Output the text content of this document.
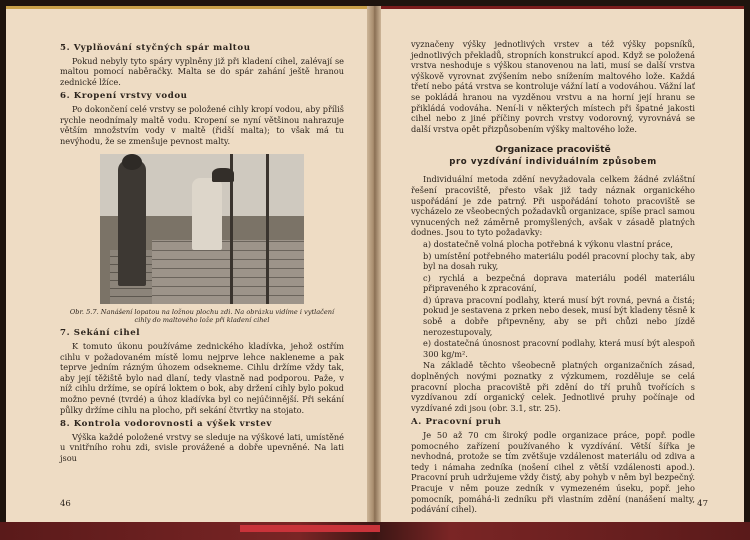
5. Vyplňování styčných spár maltou

Pokud nebyly tyto spáry vyplněny již při kladení cihel, zalévají se maltou pomocí naběračky. Malta se do spár zahání ještě hranou zednické lžíce.

6. Kropení vrstvy vodou

Po dokončení celé vrstvy se položené cihly kropí vodou, aby příliš rychle neodnímaly maltě vodu. Kropení se nyní většinou nahrazuje větším množstvím vody v maltě (řidší malta); to však má tu nevýhodu, že se zmenšuje pevnost malty.

Obr. 5.7. Nanášení lopatou na ložnou plochu zdi. Na obrázku vidíme i vytlačení cihly do maltového lože při kladení cihel
7. Sekání cihel

K tomuto úkonu používáme zednického kladívka, jehož ostřím cihlu v požadovaném místě lomu nejprve lehce nakleneme a pak teprve jedním rázným úhozem odsekneme. Cihlu držíme vždy tak, aby její těžiště bylo nad dlaní, tedy vlastně nad podporou. Paže, v níž cihlu držíme, se opírá loktem o bok, aby držení cihly bylo pokud možno pevné (tvrdé) a úhoz kladívka byl co nejúčinnější. Při sekání půlky držíme cihlu na plocho, při sekání čtvrtky na stojato.

8. Kontrola vodorovnosti a výšek vrstev

Výška každé položené vrstvy se sleduje na výškové lati, umístěné u vnitřního rohu zdi, svisle provážené a dobře upevněné. Na lati jsou

46

vyznačeny výšky jednotlivých vrstev a též výšky popsníků, jednotlivých překladů, stropních konstrukcí apod. Když se položená vrstva neshoduje s výškou stanovenou na lati, musí se další vrstva výškově vyrovnat zvýšením nebo snížením maltového lože. Každá třetí nebo pátá vrstva se kontroluje vážní latí a vodováhou. Vážní lať se pokládá hranou na vyzděnou vrstvu a na horní její hranu se přikládá vodováha. Není-li v některých místech při špatné jakosti cihel nebo z jiné příčiny povrch vrstvy vodorovný, vyrovnává se další vrstva opět přizpůsobením výšky maltového lože.

Organizace pracoviště
pro vyzdívání individuálním způsobem

Individuální metoda zdění nevyžadovala celkem žádné zvláštní řešení pracoviště, přesto však již tady náznak organického uspořádání je zde patrný. Při uspořádání tohoto pracoviště se vycházelo ze všeobecných požadavků organizace, spíše pracl samou vynucených než záměrně promyšlených, avšak v zásadě platných dodnes. Jsou to tyto požadavky:

a) dostatečně volná plocha potřebná k výkonu vlastní práce,
b) umístění potřebného materiálu podél pracovní plochy tak, aby byl na dosah ruky,
c) rychlá a bezpečná doprava materiálu podél materiálu připraveného k zpracování,
d) úprava pracovní podlahy, která musí být rovná, pevná a čistá; pokud je sestavena z prken nebo desek, musí být kladeny těsně k sobě a dobře připevněny, aby se při chůzi nebo jízdě nerozestupovaly,
e) dostatečná únosnost pracovní podlahy, která musí být alespoň 300 kg/m².

Na základě těchto všeobecně platných organizačních zásad, doplněných novými poznatky z výzkumem, rozděluje se celá pracovní plocha pracoviště při zdění do tří pruhů tvořících s vyzdívanou zdí organický celek. Jednotlivé pruhy počínaje od vyzdívané zdi jsou (obr. 3.1, str. 25).

A. Pracovní pruh

Je 50 až 70 cm široký podle organizace práce, popř. podle pomocného zařízení používaného k vyzdívání. Větší šířka je nevhodná, protože se tím zvětšuje vzdálenost materiálu od zdiva a tedy i námaha zedníka (nošení cihel z větší vzdálenosti apod.). Pracovní pruh udržujeme vždy čistý, aby pohyb v něm byl bezpečný. Pracuje v něm pouze zedník v vymezeném úseku, popř. jeho pomocník, pomáhá-li zedníku při vlastním zdění (nanášení malty, podávání cihel).

47
